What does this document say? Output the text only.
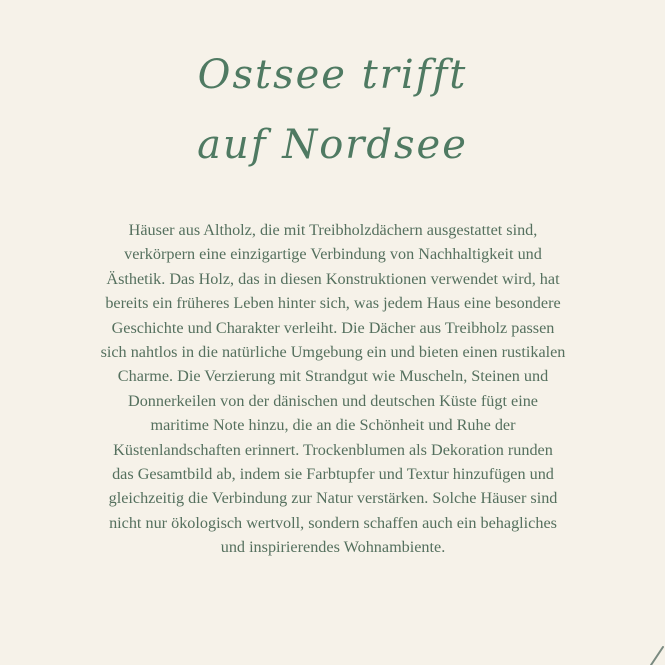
Ostsee trifft
auf Nordsee
Häuser aus Altholz, die mit Treibholzdächern ausgestattet sind,
verkörpern eine einzigartige Verbindung von Nachhaltigkeit und
Ästhetik. Das Holz, das in diesen Konstruktionen verwendet wird, hat
bereits ein früheres Leben hinter sich, was jedem Haus eine besondere
Geschichte und Charakter verleiht. Die Dächer aus Treibholz passen
sich nahtlos in die natürliche Umgebung ein und bieten einen rustikalen
Charme. Die Verzierung mit Strandgut wie Muscheln, Steinen und
Donnerkeilen von der dänischen und deutschen Küste fügt eine
maritime Note hinzu, die an die Schönheit und Ruhe der
Küstenlandschaften erinnert. Trockenblumen als Dekoration runden
das Gesamtbild ab, indem sie Farbtupfer und Textur hinzufügen und
gleichzeitig die Verbindung zur Natur verstärken. Solche Häuser sind
nicht nur ökologisch wertvoll, sondern schaffen auch ein behagliches
und inspirierendes Wohnambiente.
